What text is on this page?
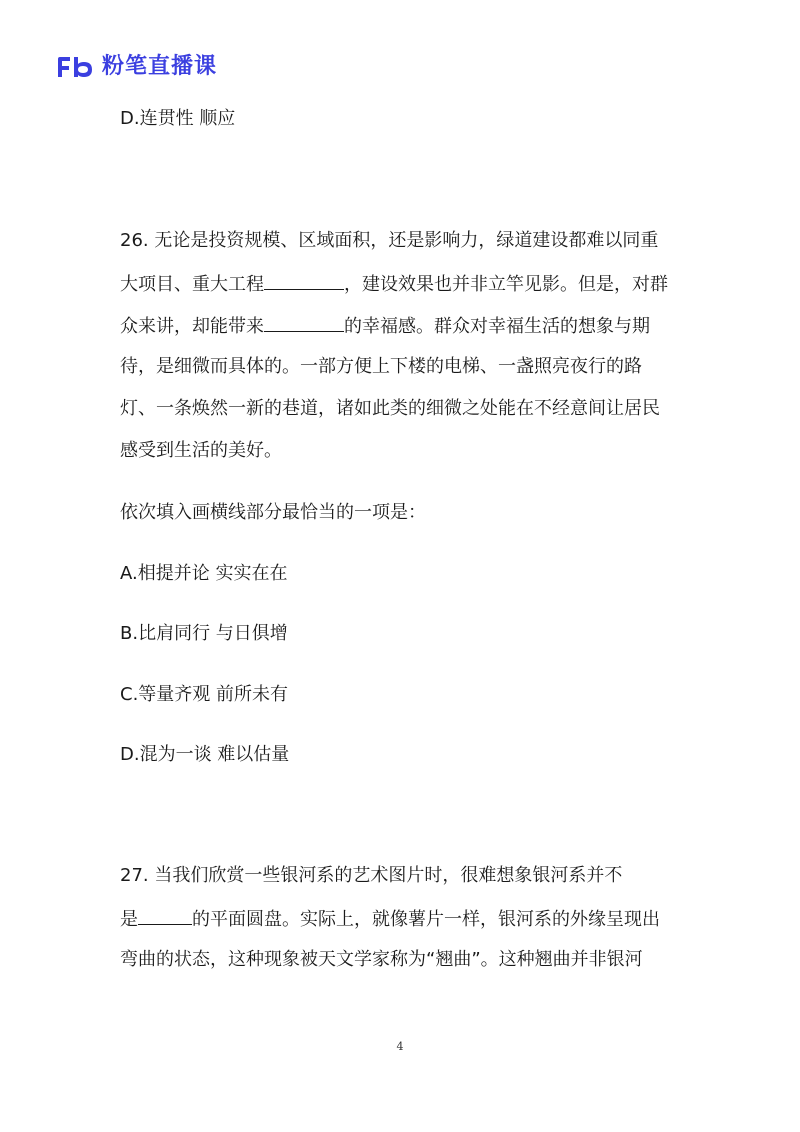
粉笔直播课
D.连贯性 顺应
26. 无论是投资规模、区域面积，还是影响力，绿道建设都难以同重
大项目、重大工程	，建设效果也并非立竿见影。但是，对群
众来讲，却能带来	的幸福感。群众对幸福生活的想象与期
待，是细微而具体的。一部方便上下楼的电梯、一盏照亮夜行的路
灯、一条焕然一新的巷道，诸如此类的细微之处能在不经意间让居民
感受到生活的美好。
依次填入画横线部分最恰当的一项是：
A.相提并论 实实在在
B.比肩同行 与日俱增
C.等量齐观 前所未有
D.混为一谈 难以估量
27. 当我们欣赏一些银河系的艺术图片时，很难想象银河系并不
是	的平面圆盘。实际上，就像薯片一样，银河系的外缘呈现出
弯曲的状态，这种现象被天文学家称为“翘曲”。这种翘曲并非银河
4
